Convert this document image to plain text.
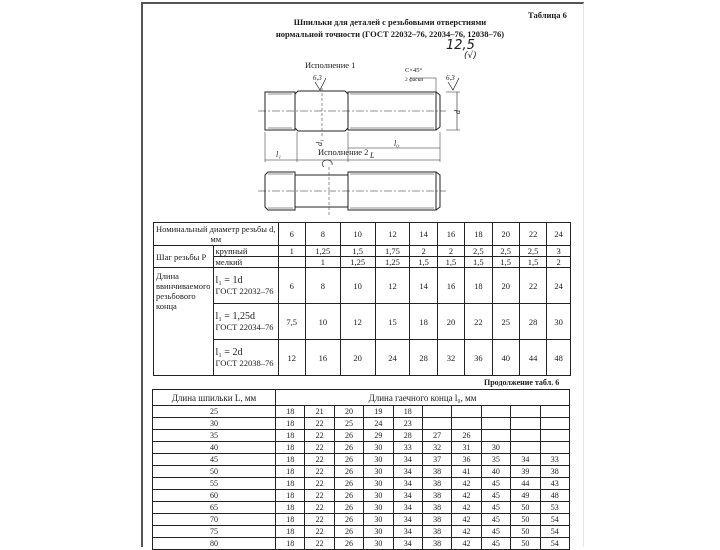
Таблица 6
Шпильки для деталей с резьбовыми отверстиями
нормальной точности (ГОСТ 22032–76, 22034–76, 12038–76)
12,5
(√)
Исполнение 1
Исполнение 2
l₁
l₀
L
d₁
d
C×45°
2 фаски
6,3	6,3
Номинальный диаметр резьбы d, мм		6	8	10	12	14	16	18	20	22	24
Шаг резьбы P	крупный	1	1,25	1,5	1,75	2	2	2,5	2,5	2,5	3
	мелкий		1	1,25	1,25	1,5	1,5	1,5	1,5	1,5	2
Длина ввинчиваемого резьбового конца	l₁ = 1d
ГОСТ 22032–76	6	8	10	12	14	16	18	20	22	24

	l₁ = 1,25d
ГОСТ 22034–76	7,5	10	12	15	18	20	22	25	28	30

	l₁ = 2d
ГОСТ 22038–76	12	16	20	24	28	32	36	40	44	48
Продолжение табл. 6
Длина шпильки L, мм	Длина гаечного конца l₀, мм									
25	18	21	20	19	18					
30	18	22	25	24	23					
35	18	22	26	29	28	27	26			
40	18	22	26	30	33	32	31	30		
45	18	22	26	30	34	37	36	35	34	33
50	18	22	26	30	34	38	41	40	39	38
55	18	22	26	30	34	38	42	45	44	43
60	18	22	26	30	34	38	42	45	49	48
65	18	22	26	30	34	38	42	45	50	53
70	18	22	26	30	34	38	42	45	50	54
75	18	22	26	30	34	38	42	45	50	54
80	18	22	26	30	34	38	42	45	50	54
